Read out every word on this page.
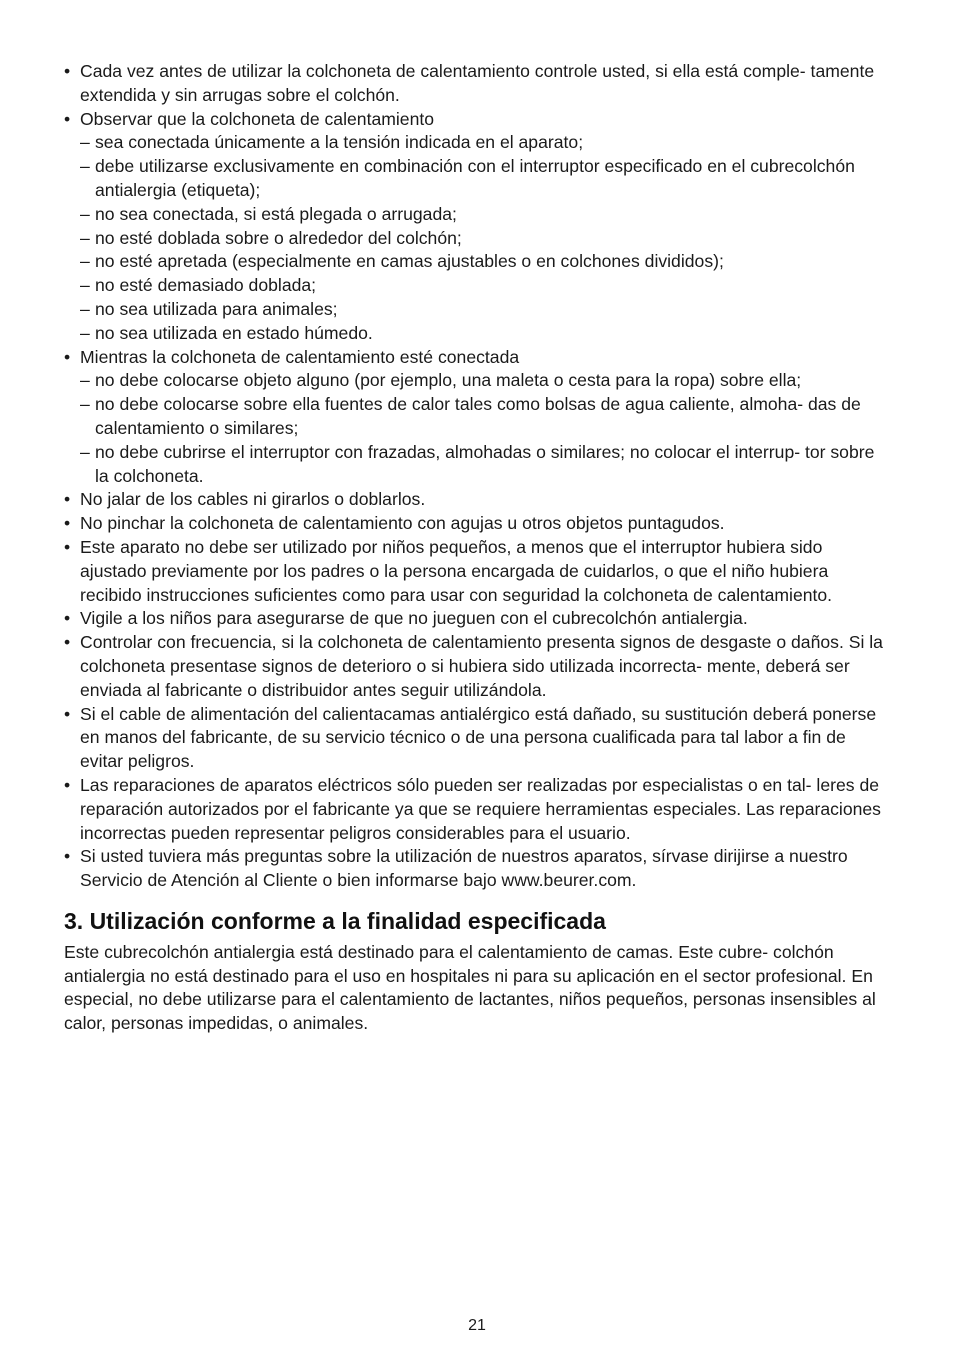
• Cada vez antes de utilizar la colchoneta de calentamiento controle usted, si ella está comple- tamente extendida y sin arrugas sobre el colchón.
• Observar que la colchoneta de calentamiento
– sea conectada únicamente a la tensión indicada en el aparato;
– debe utilizarse exclusivamente en combinación con el interruptor especificado en el cubrecolchón antialergia (etiqueta);
– no sea conectada, si está plegada o arrugada;
– no esté doblada sobre o alrededor del colchón;
– no esté apretada (especialmente en camas ajustables o en colchones divididos);
– no esté demasiado doblada;
– no sea utilizada para animales;
– no sea utilizada en estado húmedo.
• Mientras la colchoneta de calentamiento esté conectada
– no debe colocarse objeto alguno (por ejemplo, una maleta o cesta para la ropa) sobre ella;
– no debe colocarse sobre ella fuentes de calor tales como bolsas de agua caliente, almoha- das de calentamiento o similares;
– no debe cubrirse el interruptor con frazadas, almohadas o similares; no colocar el interrup- tor sobre la colchoneta.
• No jalar de los cables ni girarlos o doblarlos.
• No pinchar la colchoneta de calentamiento con agujas u otros objetos puntagudos.
• Este aparato no debe ser utilizado por niños pequeños, a menos que el interruptor hubiera sido ajustado previamente por los padres o la persona encargada de cuidarlos, o que el niño hubiera recibido instrucciones suficientes como para usar con seguridad la colchoneta de calentamiento.
• Vigile a los niños para asegurarse de que no jueguen con el cubrecolchón antialergia.
• Controlar con frecuencia, si la colchoneta de calentamiento presenta signos de desgaste o daños. Si la colchoneta presentase signos de deterioro o si hubiera sido utilizada incorrecta- mente, deberá ser enviada al fabricante o distribuidor antes seguir utilizándola.
• Si el cable de alimentación del calientacamas antialérgico está dañado, su sustitución deberá ponerse en manos del fabricante, de su servicio técnico o de una persona cualificada para tal labor a fin de evitar peligros.
• Las reparaciones de aparatos eléctricos sólo pueden ser realizadas por especialistas o en tal- leres de reparación autorizados por el fabricante ya que se requiere herramientas especiales. Las reparaciones incorrectas pueden representar peligros considerables para el usuario.
• Si usted tuviera más preguntas sobre la utilización de nuestros aparatos, sírvase dirijirse a nuestro Servicio de Atención al Cliente o bien informarse bajo www.beurer.com.
3. Utilización conforme a la finalidad especificada
Este cubrecolchón antialergia está destinado para el calentamiento de camas. Este cubre- colchón antialergia no está destinado para el uso en hospitales ni para su aplicación en el sector profesional. En especial, no debe utilizarse para el calentamiento de lactantes, niños pequeños, personas insensibles al calor, personas impedidas, o animales.
21
